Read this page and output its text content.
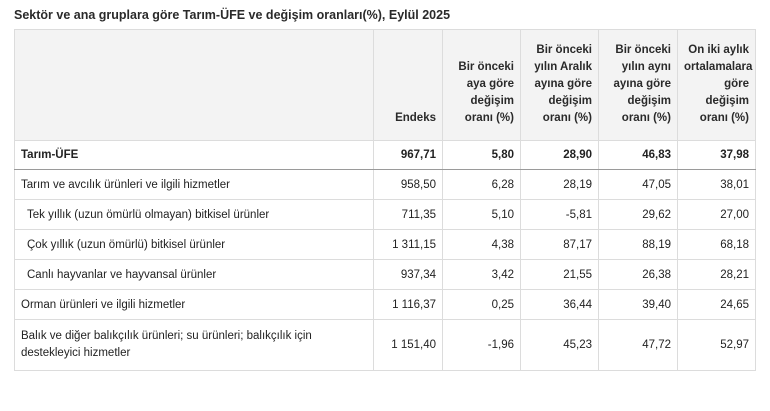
Sektör ve ana gruplara göre Tarım-ÜFE ve değişim oranları(%), Eylül 2025
	Endeks	Bir önceki aya göre değişim oranı (%)	Bir önceki yılın Aralık ayına göre değişim oranı (%)	Bir önceki yılın aynı ayına göre değişim oranı (%)	On iki aylık ortalamalara göre değişim oranı (%)
Tarım-ÜFE	967,71	5,80	28,90	46,83	37,98
Tarım ve avcılık ürünleri ve ilgili hizmetler	958,50	6,28	28,19	47,05	38,01
Tek yıllık (uzun ömürlü olmayan) bitkisel ürünler	711,35	5,10	-5,81	29,62	27,00
Çok yıllık (uzun ömürlü) bitkisel ürünler	1 311,15	4,38	87,17	88,19	68,18
Canlı hayvanlar ve hayvansal ürünler	937,34	3,42	21,55	26,38	28,21
Orman ürünleri ve ilgili hizmetler	1 116,37	0,25	36,44	39,40	24,65
Balık ve diğer balıkçılık ürünleri; su ürünleri; balıkçılık için destekleyici hizmetler	1 151,40	-1,96	45,23	47,72	52,97
